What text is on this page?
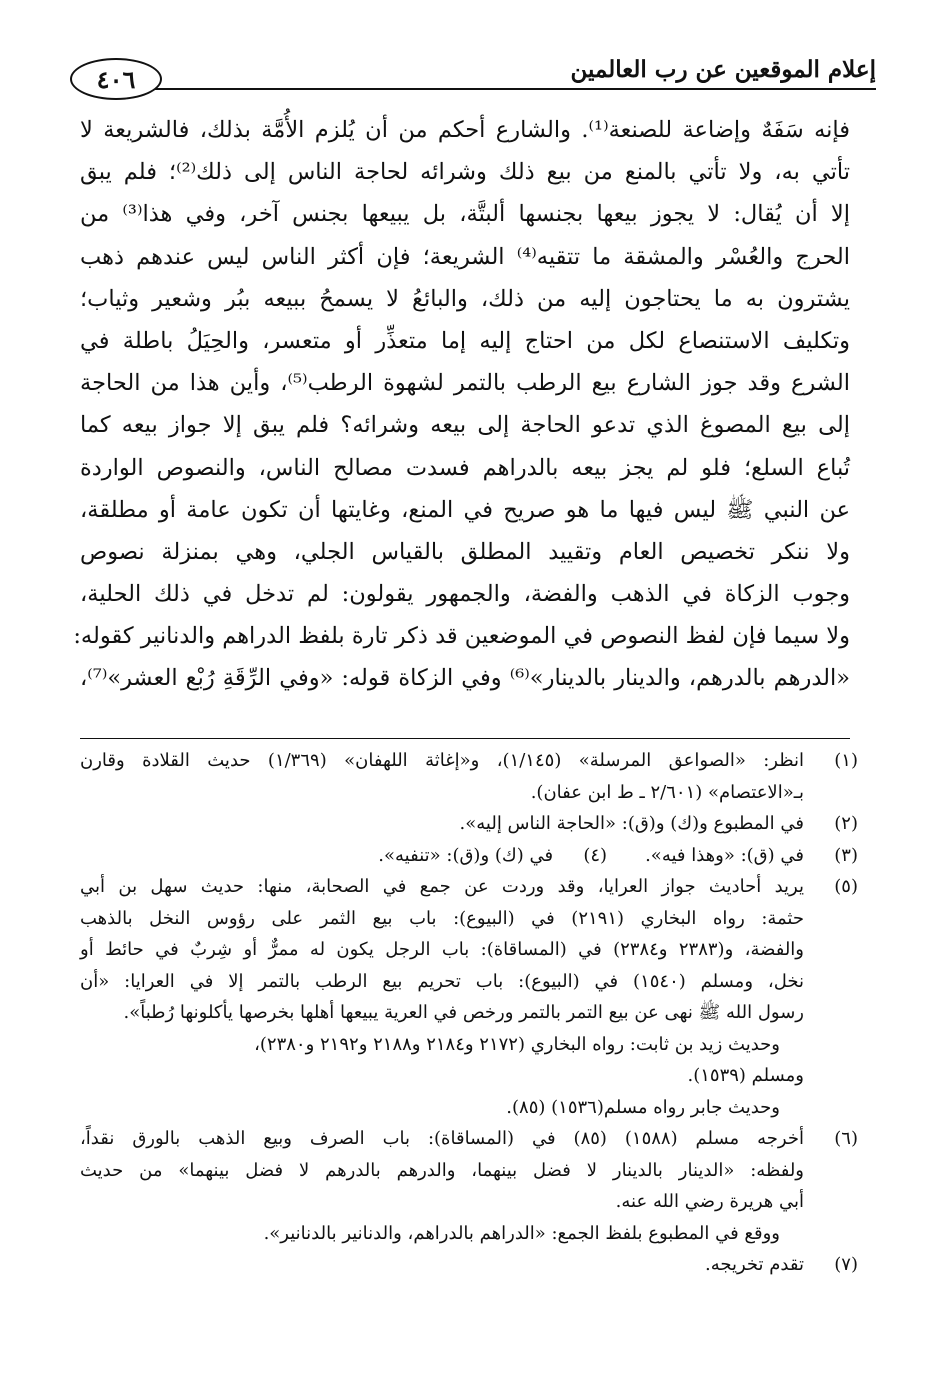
إعلام الموقعين عن رب العالمين
٤٠٦
فإنه سَفَهٌ وإضاعة للصنعة⁽¹⁾. والشارع أحكم من أن يُلزم الأُمَّة بذلك، فالشريعة لا
تأتي به، ولا تأتي بالمنع من بيع ذلك وشرائه لحاجة الناس إلى ذلك⁽²⁾؛ فلم يبق
إلا أن يُقال: لا يجوز بيعها بجنسها ألبتَّة، بل يبيعها بجنس آخر، وفي هذا⁽³⁾ من
الحرج والعُسْر والمشقة ما تتقيه⁽⁴⁾ الشريعة؛ فإن أكثر الناس ليس عندهم ذهب
يشترون به ما يحتاجون إليه من ذلك، والبائعُ لا يسمحُ ببيعه ببُر وشعير وثياب؛
وتكليف الاستنصاع لكل من احتاج إليه إما متعذِّر أو متعسر، والحِيَلُ باطلة في
الشرع وقد جوز الشارع بيع الرطب بالتمر لشهوة الرطب⁽⁵⁾، وأين هذا من الحاجة
إلى بيع المصوغ الذي تدعو الحاجة إلى بيعه وشرائه؟ فلم يبق إلا جواز بيعه كما
تُباع السلع؛ فلو لم يجز بيعه بالدراهم فسدت مصالح الناس، والنصوص الواردة
عن النبي ﷺ ليس فيها ما هو صريح في المنع، وغايتها أن تكون عامة أو مطلقة،
ولا ننكر تخصيص العام وتقييد المطلق بالقياس الجلي، وهي بمنزلة نصوص
وجوب الزكاة في الذهب والفضة، والجمهور يقولون: لم تدخل في ذلك الحلية،
ولا سيما فإن لفظ النصوص في الموضعين قد ذكر تارة بلفظ الدراهم والدنانير كقوله:
«الدرهم بالدرهم، والدينار بالدينار»⁽⁶⁾ وفي الزكاة قوله: «وفي الرِّقَةِ رُبْع العشر»⁽⁷⁾،
(١)
انظر: «الصواعق المرسلة» (١/١٤٥)، و«إغاثة اللهفان» (١/٣٦٩) حديث القلادة وقارن
بـ«الاعتصام» (٢/٦٠١ ـ ط ابن عفان).
(٢)
في المطبوع و(ك) و(ق): «الحاجة الناس إليه».
(٣)
في (ق): «وهذا فيه».
(٤)
في (ك) و(ق): «تنفيه».
(٥)
يريد أحاديث جواز العرايا، وقد وردت عن جمع في الصحابة، منها: حديث سهل بن أبي
حثمة: رواه البخاري (٢١٩١) في (البيوع): باب بيع الثمر على رؤوس النخل بالذهب
والفضة، و(٢٣٨٣ و٢٣٨٤) في (المساقاة): باب الرجل يكون له ممرٌّ أو شِربٌ في حائط أو
نخل، ومسلم (١٥٤٠) في (البيوع): باب تحريم بيع الرطب بالتمر إلا في العرايا: «أن
رسول الله ﷺ نهى عن بيع التمر بالتمر ورخص في العرية يبيعها أهلها بخرصها يأكلونها رُطباً».
وحديث زيد بن ثابت: رواه البخاري (٢١٧٢ و٢١٨٤ و٢١٨٨ و٢١٩٢ و٢٣٨٠)،
ومسلم (١٥٣٩).
وحديث جابر رواه مسلم(١٥٣٦) (٨٥).
(٦)
أخرجه مسلم (١٥٨٨) (٨٥) في (المساقاة): باب الصرف وبيع الذهب بالورق نقداً،
ولفظه: «الدينار بالدينار لا فضل بينهما، والدرهم بالدرهم لا فضل بينهما» من حديث
أبي هريرة رضي الله عنه.
ووقع في المطبوع بلفظ الجمع: «الدراهم بالدراهم، والدنانير بالدنانير».
(٧)
تقدم تخريجه.
